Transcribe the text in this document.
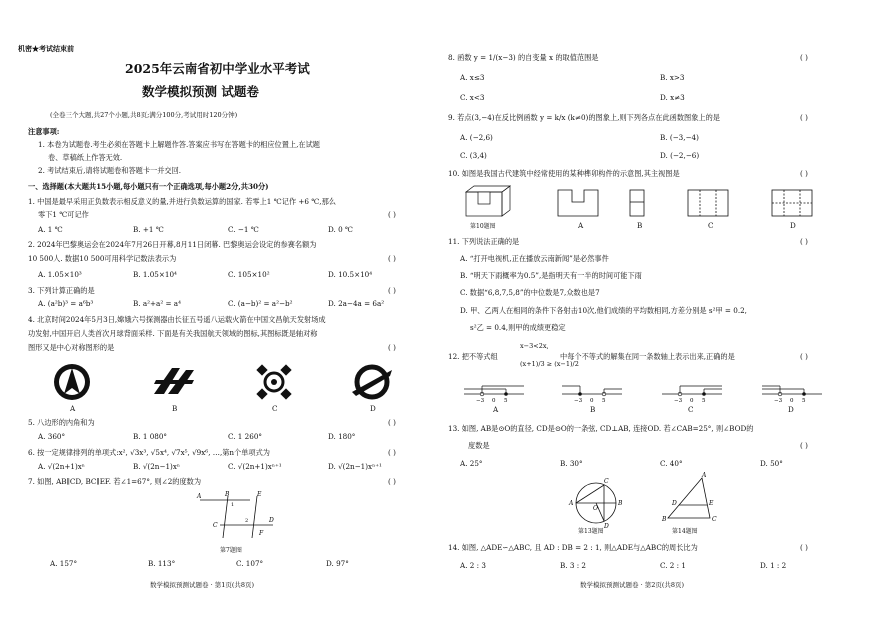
机密★考试结束前
2025年云南省初中学业水平考试
数学模拟预测 试题卷
(全卷三个大题,共27个小题,共8页;满分100分,考试用时120分钟)
注意事项:
1. 本卷为试题卷.考生必须在答题卡上解题作答.答案应书写在答题卡的相应位置上,在试题
卷、草稿纸上作答无效.
2. 考试结束后,请将试题卷和答题卡一并交回.
一、选择题(本大题共15小题,每小题只有一个正确选项,每小题2分,共30分)
1. 中国是最早采用正负数表示相反意义的量,并进行负数运算的国家. 若零上1 ℃记作 +6 ℃,那么
零下1 ℃可记作	( )
A. 1 ℃	B. +1 ℃	C. −1 ℃	D. 0 ℃
2. 2024年巴黎奥运会在2024年7月26日开幕,8月11日闭幕. 巴黎奥运会设定的参赛名额为
10 500人. 数据10 500可用科学记数法表示为	( )
A. 1.05×10³	B. 1.05×10⁴	C. 105×10²	D. 10.5×10⁴
3. 下列计算正确的是	( )
A. (a²b)³ = a⁶b³	B. a²+a² = a⁴	C. (a−b)² = a²−b²	D. 2a−4a = 6a²
4. 北京时间2024年5月3日,嫦娥六号探测器由长征五号遥八运载火箭在中国文昌航天发射场成
功发射,中国开启人类首次月球背面采样. 下面是有关我国航天领域的图标,其图标既是轴对称
图形又是中心对称图形的是	( )
A	B	C	D
5. 八边形的内角和为	( )
A. 360°	B. 1 080°	C. 1 260°	D. 180°
6. 按一定规律排列的单项式:x², √3x³, √5x⁴, √7x⁵, √9x⁶, …,第n个单项式为	( )
A. √(2n+1)xⁿ	B. √(2n−1)xⁿ	C. √(2n+1)xⁿ⁺¹	D. √(2n−1)xⁿ⁺¹
7. 如图, AB∥CD, BC∥EF. 若∠1=67°, 则∠2的度数为	( )
A	B
C
E
F
D
1
2
第7题图
A. 157°	B. 113°	C. 107°	D. 97°
数学模拟预测试题卷 · 第1页(共8页)
8. 函数 y = 1/(x−3) 的自变量 x 的取值范围是	( )
A. x≤3	B. x>3
C. x<3	D. x≠3
9. 若点(3,−4)在反比例函数 y = k/x (k≠0)的图象上,则下列各点在此函数图象上的是	( )
A. (−2,6)	B. (−3,−4)
C. (3,4)	D. (−2,−6)
10. 如图是我国古代建筑中经常使用的某种榫卯构件的示意图,其主视图是	( )
第10题图	A	B	C	D
11. 下列说法正确的是	( )
A. “打开电视机,正在播放云南新闻”是必然事件
B. “明天下雨概率为0.5”,是指明天有一半的时间可能下雨
C. 数据“6,8,7,5,8”的中位数是7,众数也是7
D. 甲、乙两人在相同的条件下各射击10次,他们成绩的平均数相同,方差分别是 s²甲 = 0.2,
s²乙 = 0.4,则甲的成绩更稳定
12. 把不等式组
x−3<2x,
(x+1)/3 ≥ (x−1)/2
中每个不等式的解集在同一条数轴上表示出来,正确的是	( )
−3 0 5	−3 0 5	−3 0 5	−3 0 5
A	B	C	D
13. 如图, AB是⊙O的直径, CD是⊙O的一条弦, CD⊥AB, 连接OD. 若∠CAB=25°, 则∠BOD的
度数是	( )
A. 25°	B. 30°	C. 40°	D. 50°
A	B
C
D
O
A
B	C
D	E
第13题图	第14题图
14. 如图, △ADE∽△ABC, 且 AD : DB = 2 : 1, 则△ADE与△ABC的周长比为	( )
A. 2 : 3	B. 3 : 2	C. 2 : 1	D. 1 : 2
数学模拟预测试题卷 · 第2页(共8页)
